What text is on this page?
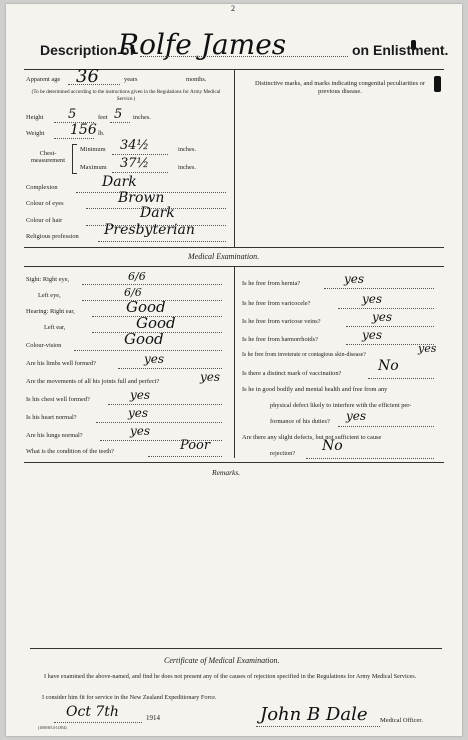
2
Description of
Rolfe James	on Enlistment.
Apparent age 36	years	months.
(To be determined according to the instructions given in the Regulations for Army Medical Service.)
Height 5	feet 5 inches.
Weight 156 lb.
Chest-measurement
Minimum 34½	inches.
Maximum 37½	inches.
Complexion	Dark
Colour of eyes	Brown
Colour of hair	Dark
Religious profession Presbyterian
Distinctive marks, and marks indicating congenital peculiarities or previous disease.
Medical Examination.
Sight: Right eye,	6/6
Left eye,	6/6
Hearing: Right ear,	Good
Left ear,	Good
Colour-vision	Good
Are his limbs well formed?	yes
Are the movements of all his joints full and perfect?	yes
Is his chest well formed?	yes
Is his heart normal?	yes
Are his lungs normal?	yes
What is the condition of the teeth?	Poor
Is he free from hernia?	yes
Is he free from varicocele?	yes
Is he free from varicose veins?	yes
Is he free from hæmorrhoids?	yes
Is he free from inveterate or contagious skin-disease?	yes
Is there a distinct mark of vaccination?	No
Is he in good bodily and mental health and free from any
physical defect likely to interfere with the efficient per-
formance of his duties? yes
Are there any slight defects, but not sufficient to cause
rejection? No
Remarks.
Certificate of Medical Examination.
I have examined the above-named, and find he does not present any of the causes of rejection specified in the Regulations for Army Medical Services.
I consider him fit for service in the New Zealand Expeditionary Force.
Oct 7th	1914	John B Dale Medical Officer.
(1000/8/14-11854)
